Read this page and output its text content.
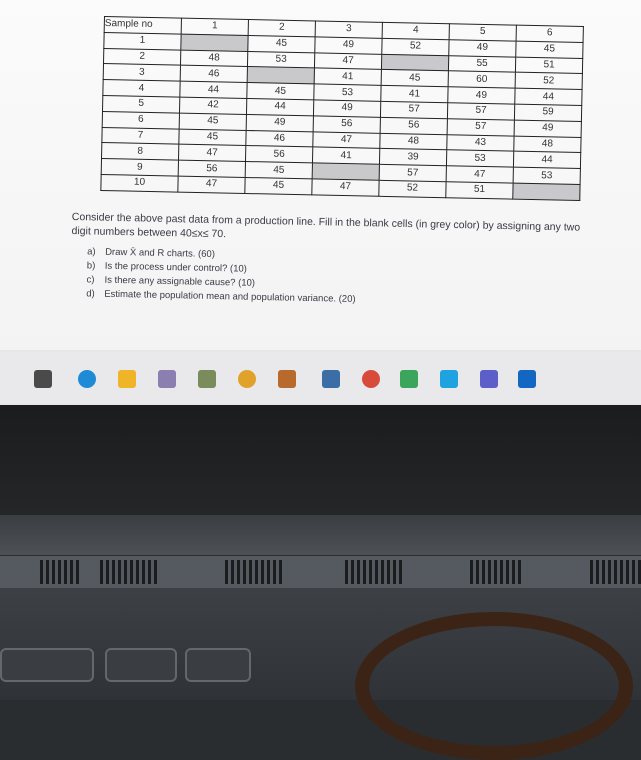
Sample no	1	2	3	4	5	6
1		45	49	52	49	45
2	48	53	47		55	51
3	46		41	45	60	52
4	44	45	53	41	49	44
5	42	44	49	57	57	59
6	45	49	56	56	57	49
7	45	46	47	48	43	48
8	47	56	41	39	53	44
9	56	45		57	47	53
10	47	45	47	52	51	
Consider the above past data from a production line. Fill in the blank cells (in grey color) by assigning any two digit numbers between 40≤x≤ 70.
a) Draw X̄ and R charts. (60)
b) Is the process under control? (10)
c) Is there any assignable cause? (10)
d) Estimate the population mean and population variance. (20)
